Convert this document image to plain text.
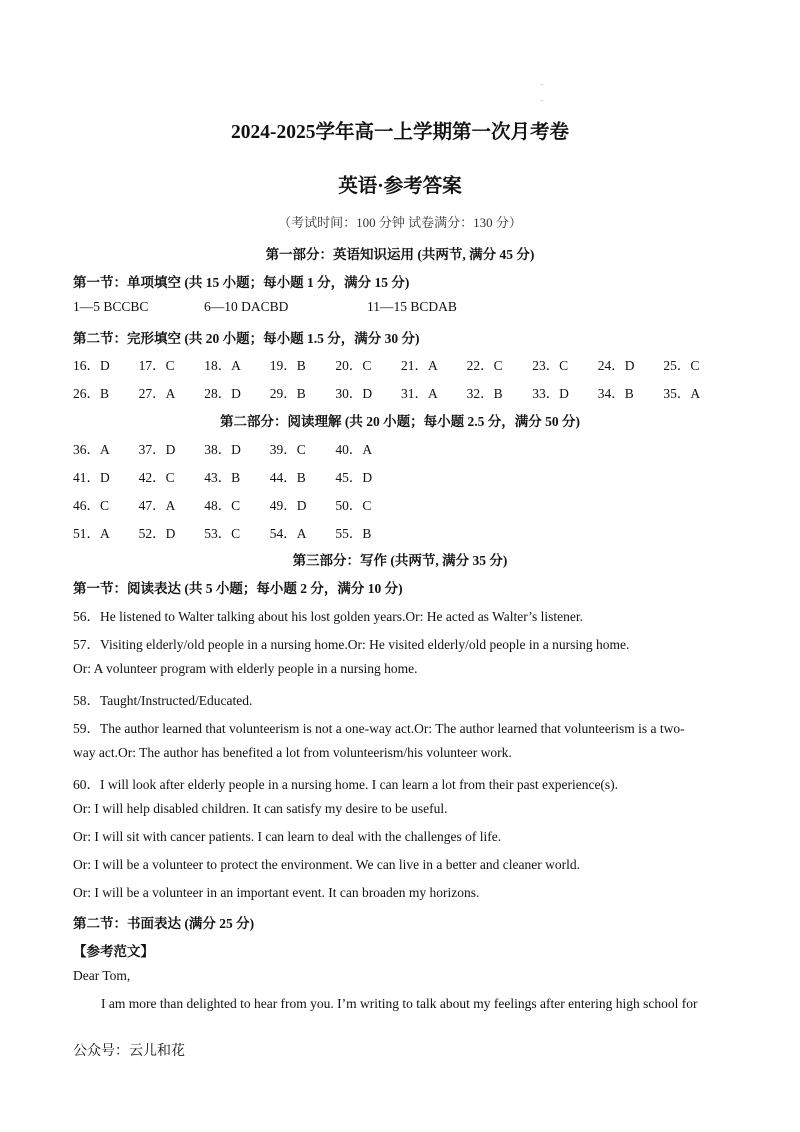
.
.
2024-2025学年高一上学期第一次月考卷
英语·参考答案
（考试时间：100 分钟 试卷满分：130 分）
第一部分：英语知识运用 (共两节, 满分 45 分)
第一节：单项填空 (共 15 小题；每小题 1 分，满分 15 分)
1—5 BCCBC	6—10 DACBD	11—15 BCDAB
第二节：完形填空 (共 20 小题；每小题 1.5 分，满分 30 分)
16．D 17．C 18．A 19．B 20．C 21．A 22．C 23．C 24．D 25．C
26．B 27．A 28．D 29．B 30．D 31．A 32．B 33．D 34．B 35．A
第二部分：阅读理解 (共 20 小题；每小题 2.5 分，满分 50 分)
36．A 37．D 38．D 39．C 40．A
41．D 42．C 43．B 44．B 45．D
46．C 47．A 48．C 49．D 50．C
51．A 52．D 53．C 54．A 55．B
第三部分：写作 (共两节, 满分 35 分)
第一节：阅读表达 (共 5 小题；每小题 2 分，满分 10 分)
56．He listened to Walter talking about his lost golden years.Or: He acted as Walter’s listener.
57．Visiting elderly/old people in a nursing home.Or: He visited elderly/old people in a nursing home.
Or: A volunteer program with elderly people in a nursing home.
58．Taught/Instructed/Educated.
59．The author learned that volunteerism is not a one-way act.Or: The author learned that volunteerism is a two-
way act.Or: The author has benefited a lot from volunteerism/his volunteer work.
60．I will look after elderly people in a nursing home. I can learn a lot from their past experience(s).
Or: I will help disabled children. It can satisfy my desire to be useful.
Or: I will sit with cancer patients. I can learn to deal with the challenges of life.
Or: I will be a volunteer to protect the environment. We can live in a better and cleaner world.
Or: I will be a volunteer in an important event. It can broaden my horizons.
第二节：书面表达 (满分 25 分)
【参考范文】
Dear Tom,
I am more than delighted to hear from you. I’m writing to talk about my feelings after entering high school for
公众号：云儿和花
